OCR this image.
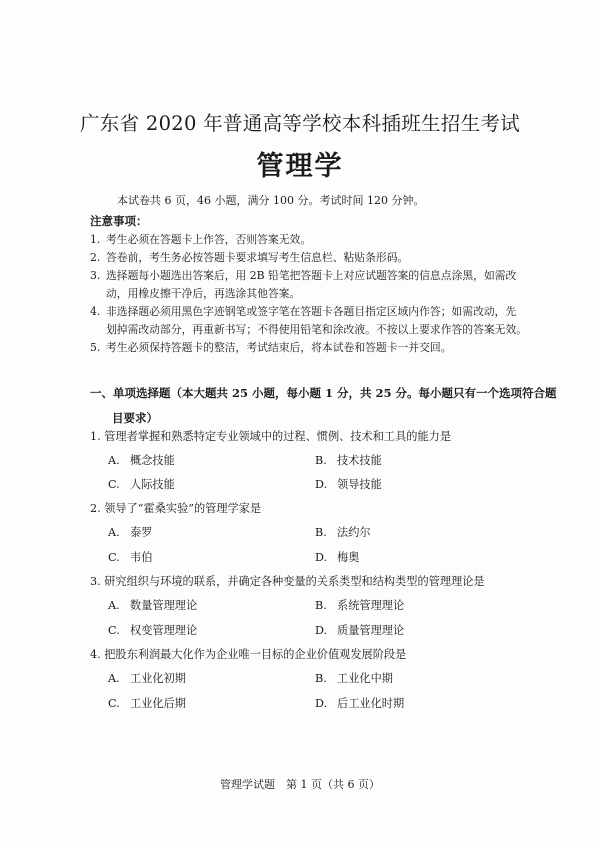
广东省 2020 年普通高等学校本科插班生招生考试
管理学
本试卷共 6 页，46 小题，满分 100 分。考试时间 120 分钟。
注意事项：
1. 考生必须在答题卡上作答，否则答案无效。
2. 答卷前，考生务必按答题卡要求填写考生信息栏、粘贴条形码。
3. 选择题每小题选出答案后，用 2B 铅笔把答题卡上对应试题答案的信息点涂黑，如需改
动，用橡皮擦干净后，再选涂其他答案。
4. 非选择题必须用黑色字迹钢笔或签字笔在答题卡各题目指定区域内作答；如需改动，先
划掉需改动部分，再重新书写；不得使用铅笔和涂改液。不按以上要求作答的答案无效。
5. 考生必须保持答题卡的整洁，考试结束后，将本试卷和答题卡一并交回。
一、单项选择题（本大题共 25 小题，每小题 1 分，共 25 分。每小题只有一个选项符合题
目要求）
1. 管理者掌握和熟悉特定专业领域中的过程、惯例、技术和工具的能力是
A. 概念技能	B. 技术技能
C. 人际技能	D. 领导技能
2. 领导了“霍桑实验”的管理学家是
A. 泰罗	B. 法约尔
C. 韦伯	D. 梅奥
3. 研究组织与环境的联系，并确定各种变量的关系类型和结构类型的管理理论是
A. 数量管理理论	B. 系统管理理论
C. 权变管理理论	D. 质量管理理论
4. 把股东利润最大化作为企业唯一目标的企业价值观发展阶段是
A. 工业化初期	B. 工业化中期
C. 工业化后期	D. 后工业化时期
管理学试题　第 1 页（共 6 页）
